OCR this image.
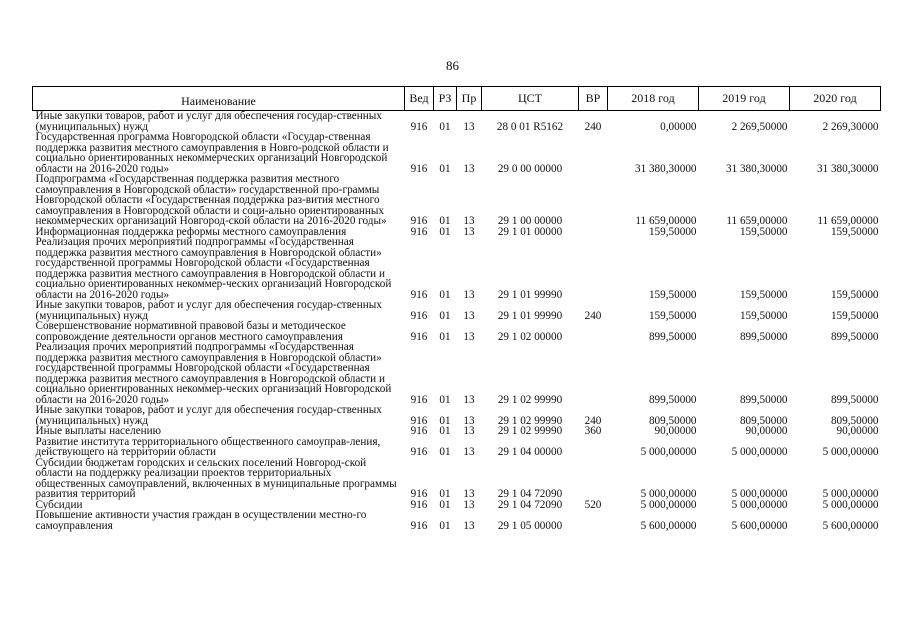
86
Наименование	Вед	РЗ	Пр	ЦСТ	ВР	2018 год	2019 год	2020 год
Иные закупки товаров, работ и услуг для обеспечения государ-ственных (муниципальных) нужд	916	01	13	28 0 01 R5162	240	0,00000	2 269,50000	2 269,30000
Государственная программа Новгородской области «Государ-ственная поддержка развития местного самоуправления в Новго-родской области и социально ориентированных некоммерческих организаций Новгородской области на 2016-2020 годы»	916	01	13	29 0 00 00000		31 380,30000	31 380,30000	31 380,30000
Подпрограмма «Государственная поддержка развития местного самоуправления в Новгородской области» государственной про-граммы Новгородской области «Государственная поддержка раз-вития местного самоуправления в Новгородской области и соци-ально ориентированных некоммерческих организаций Новгород-ской области на 2016-2020 годы»	916	01	13	29 1 00 00000		11 659,00000	11 659,00000	11 659,00000
Информационная поддержка реформы местного самоуправления	916	01	13	29 1 01 00000		159,50000	159,50000	159,50000
Реализация прочих мероприятий подпрограммы «Государственная поддержка развития местного самоуправления в Новгородской области» государственной программы Новгородской области «Государственная поддержка развития местного самоуправления в Новгородской области и социально ориентированных некоммер-ческих организаций Новгородской области на 2016-2020 годы»	916	01	13	29 1 01 99990		159,50000	159,50000	159,50000
Иные закупки товаров, работ и услуг для обеспечения государ-ственных (муниципальных) нужд	916	01	13	29 1 01 99990	240	159,50000	159,50000	159,50000
Совершенствование нормативной правовой базы и методическое сопровождение деятельности органов местного самоуправления	916	01	13	29 1 02 00000		899,50000	899,50000	899,50000
Реализация прочих мероприятий подпрограммы «Государственная поддержка развития местного самоуправления в Новгородской области» государственной программы Новгородской области «Государственная поддержка развития местного самоуправления в Новгородской области и социально ориентированных некоммер-ческих организаций Новгородской области на 2016-2020 годы»	916	01	13	29 1 02 99990		899,50000	899,50000	899,50000
Иные закупки товаров, работ и услуг для обеспечения государ-ственных (муниципальных) нужд	916	01	13	29 1 02 99990	240	809,50000	809,50000	809,50000
Иные выплаты населению	916	01	13	29 1 02 99990	360	90,00000	90,00000	90,00000
Развитие института территориального общественного самоуправ-ления, действующего на территории области	916	01	13	29 1 04 00000		5 000,00000	5 000,00000	5 000,00000
Субсидии бюджетам городских и сельских поселений Новгород-ской области на поддержку реализации проектов территориальных общественных самоуправлений, включенных в муниципальные программы развития территорий	916	01	13	29 1 04 72090		5 000,00000	5 000,00000	5 000,00000
Субсидии	916	01	13	29 1 04 72090	520	5 000,00000	5 000,00000	5 000,00000
Повышение активности участия граждан в осуществлении местно-го самоуправления	916	01	13	29 1 05 00000		5 600,00000	5 600,00000	5 600,00000
